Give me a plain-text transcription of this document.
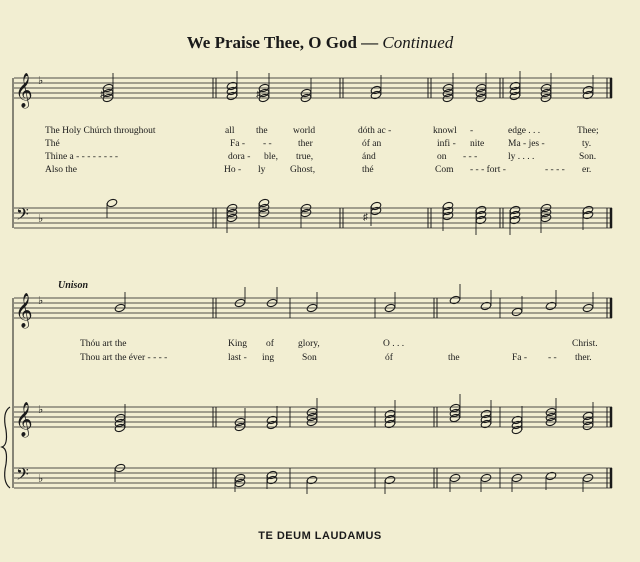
We Praise Thee, O God — Continued
𝄞 ♭
𝄢 ♭
𝄞 ♭
𝄞 ♭
𝄢 ♭
♯	♯
♯
Unison
The Holy Chúrch throughout	all the	world	dóth ac -	knowl -	edge . . .	Thee;
Thé	Fa - - -	ther	óf an	infi - nite	Ma - jes -	ty.
Thine a - - - - - - - -	dora - ble, true,	ánd	on - - -	ly . . . .	Son.
Also the	Ho - ly	Ghost,	thé	Com - - - fort -	- - - - er.
Thóu art the	King of	glory,	O . . .	Christ.
Thou art the éver - - - -	last - ing	Son	óf	the	Fa - - - ther.
TE DEUM LAUDAMUS
